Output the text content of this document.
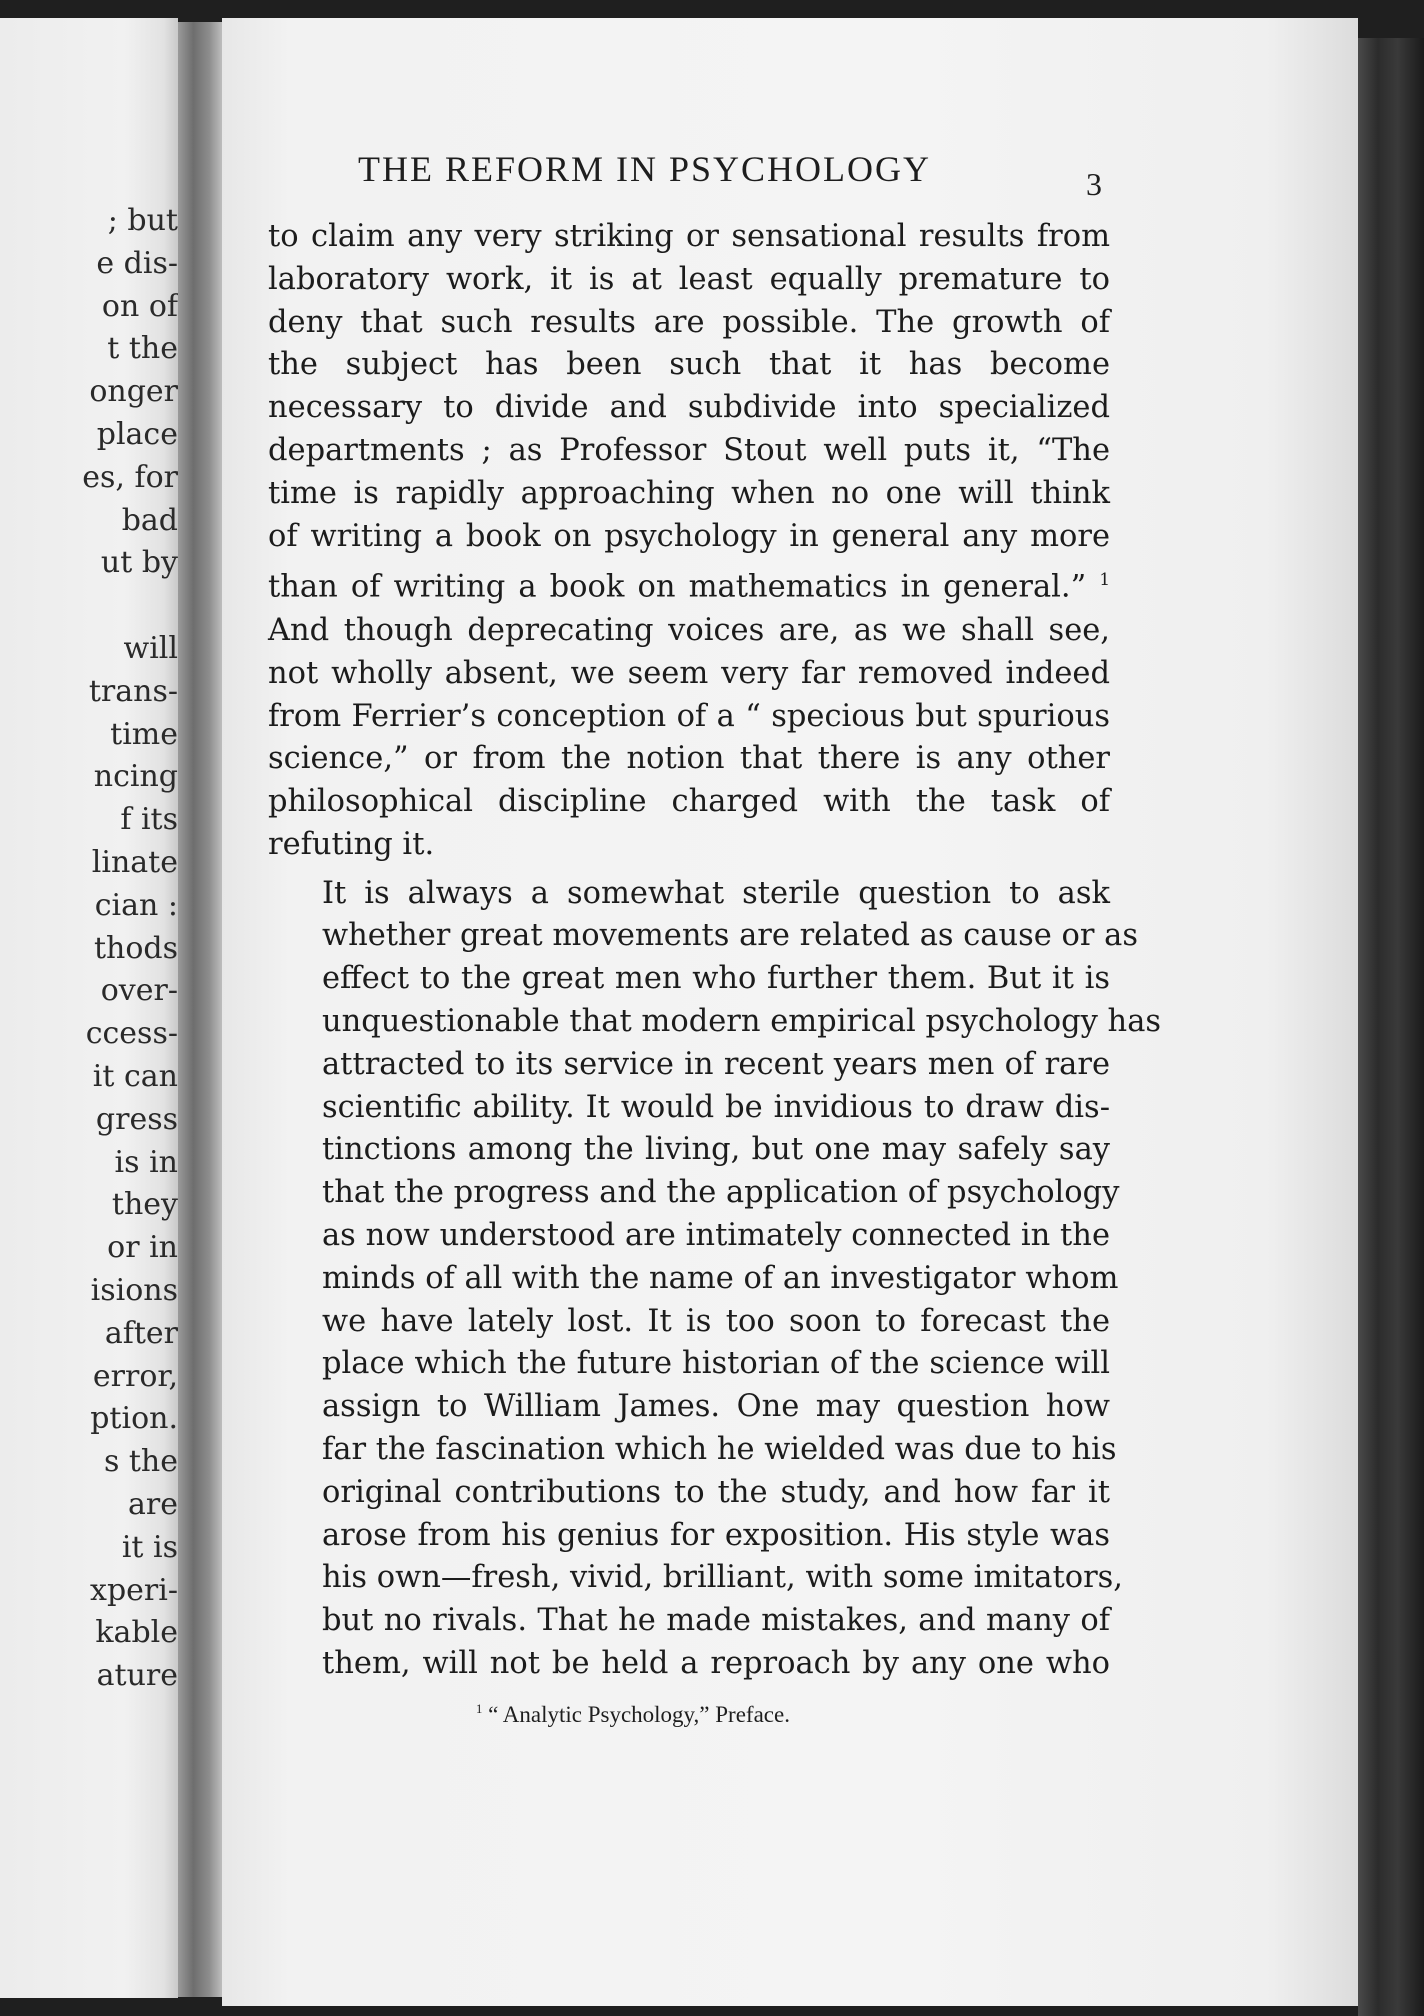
; but
e dis-
on of
t the
onger
place
es, for
bad
ut by
will
trans-
time
ncing
f its
linate
cian :
thods
over-
ccess-
it can
gress
is in
they
or in
isions
after
error,
ption.
s the
are
it is
xperi-
kable
ature
THE REFORM IN PSYCHOLOGY	3

to claim any very striking or sensational results from
laboratory work, it is at least equally premature to
deny that such results are possible. The growth of
the subject has been such that it has become
necessary to divide and subdivide into specialized
departments ; as Professor Stout well puts it, “The
time is rapidly approaching when no one will think
of writing a book on psychology in general any more
than of writing a book on mathematics in general.” $^1$
And though deprecating voices are, as we shall see,
not wholly absent, we seem very far removed indeed
from Ferrier’s conception of a “ specious but spurious
science,” or from the notion that there is any other
philosophical discipline charged with the task of
refuting it.

It is always a somewhat sterile question to ask
whether great movements are related as cause or as
effect to the great men who further them. But it is
unquestionable that modern empirical psychology has
attracted to its service in recent years men of rare
scientific ability. It would be invidious to draw dis-
tinctions among the living, but one may safely say
that the progress and the application of psychology
as now understood are intimately connected in the
minds of all with the name of an investigator whom
we have lately lost. It is too soon to forecast the
place which the future historian of the science will
assign to William James. One may question how
far the fascination which he wielded was due to his
original contributions to the study, and how far it
arose from his genius for exposition. His style was
his own—fresh, vivid, brilliant, with some imitators,
but no rivals. That he made mistakes, and many of
them, will not be held a reproach by any one who

$^1$ “ Analytic Psychology,” Preface.
